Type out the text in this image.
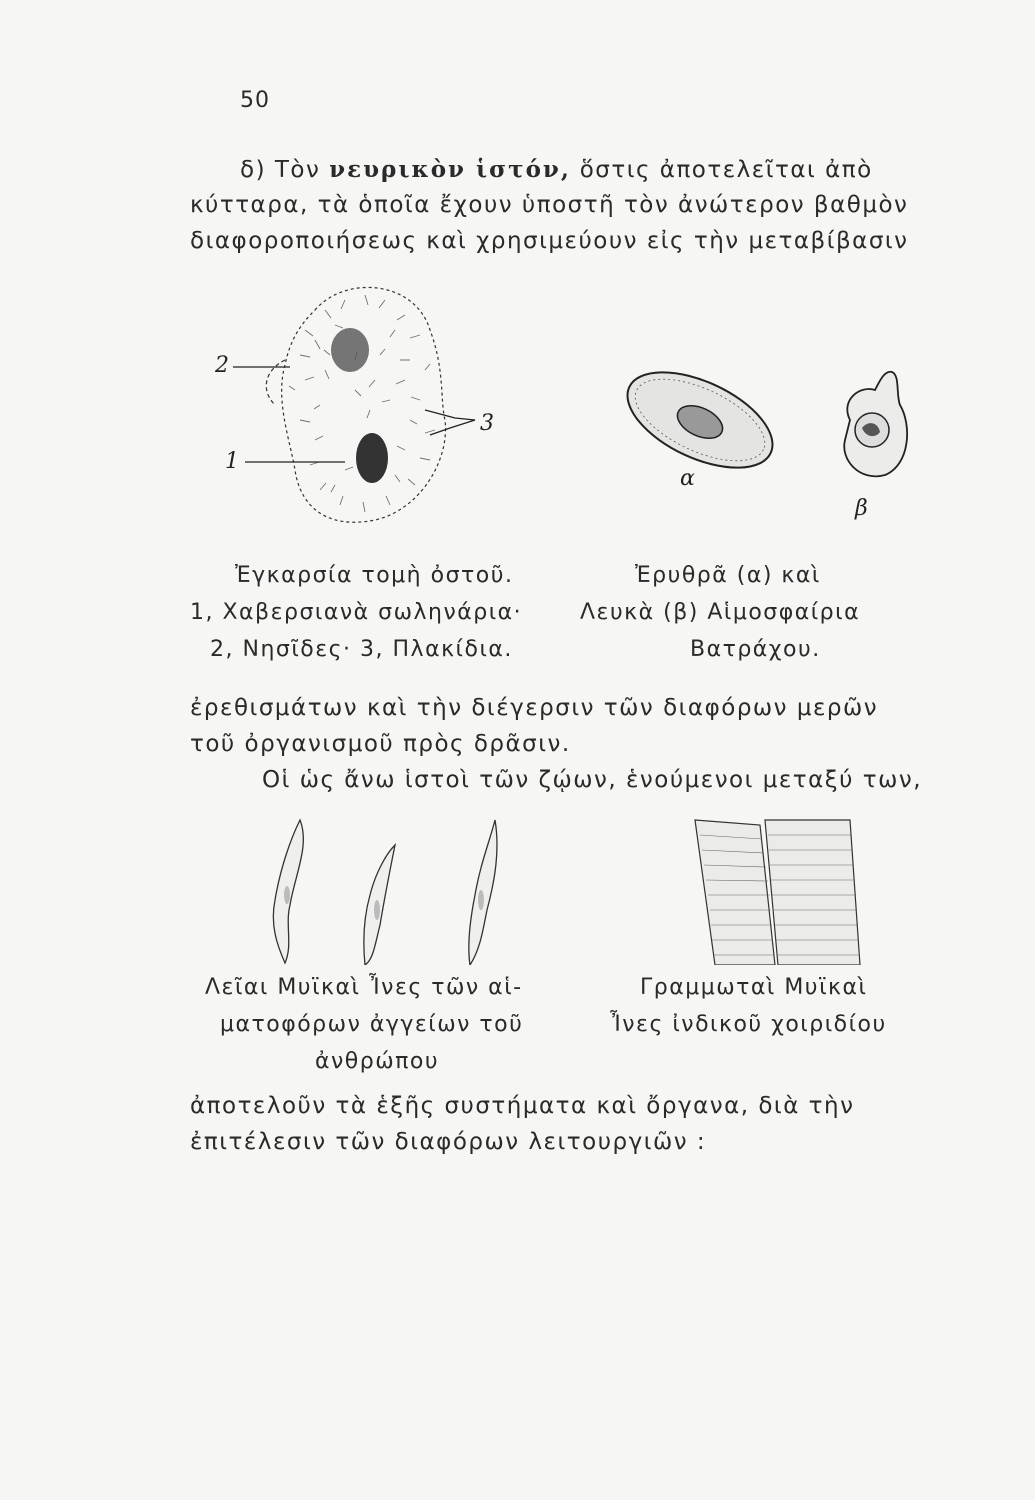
50
δ) Τὸν νευρικὸν ἱστόν, ὅστις ἀποτελεῖται ἀπὸ
κύτταρα, τὰ ὁποῖα ἔχουν ὑποστῆ τὸν ἀνώτερον βαθμὸν
διαφοροποιήσεως καὶ χρησιμεύουν εἰς τὴν μεταβίβασιν
2
1
3
α
β
Ἐγκαρσία τομὴ ὀστοῦ.
1, Χαβερσιανὰ σωληνάρια·
2, Νησῖδες· 3, Πλακίδια.
Ἐρυθρᾶ (α) καὶ
Λευκὰ (β) Αἱμοσφαίρια
Βατράχου.
ἐρεθισμάτων καὶ τὴν διέγερσιν τῶν διαφόρων μερῶν
τοῦ ὀργανισμοῦ πρὸς δρᾶσιν.
Οἱ ὡς ἄνω ἱστοὶ τῶν ζῴων, ἑνούμενοι μεταξύ των,
Λεῖαι Μυϊκαὶ Ἶνες τῶν αἱ-
ματοφόρων ἀγγείων τοῦ
ἀνθρώπου
Γραμμωταὶ Μυϊκαὶ
Ἶνες ἰνδικοῦ χοιριδίου
ἀποτελοῦν τὰ ἑξῆς συστήματα καὶ ὄργανα, διὰ τὴν
ἐπιτέλεσιν τῶν διαφόρων λειτουργιῶν :
